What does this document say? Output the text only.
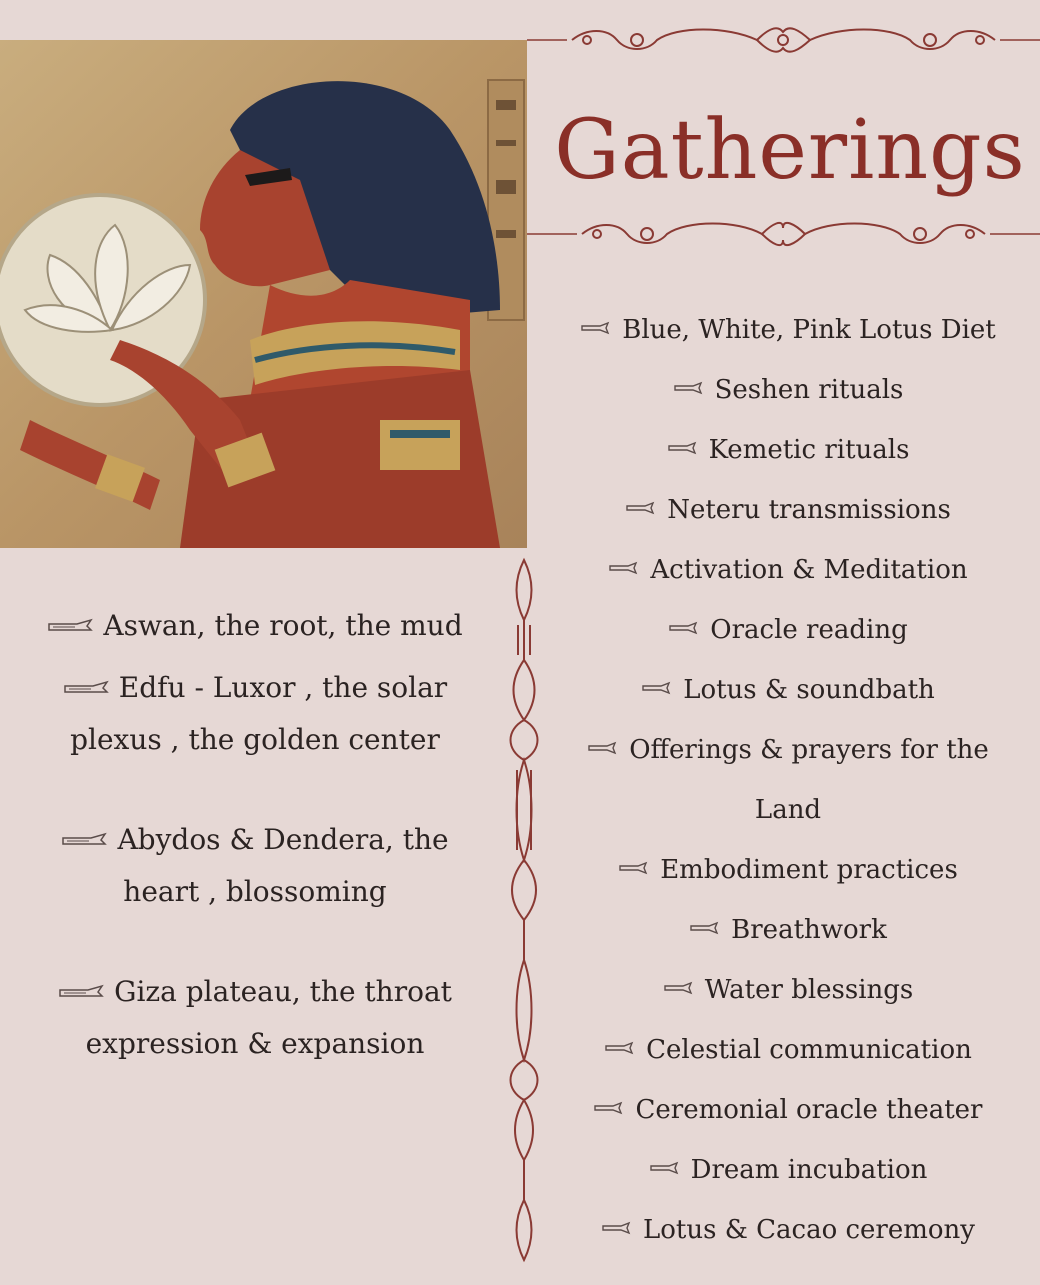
Gatherings
Aswan, the root, the mud
Edfu - Luxor , the solar
plexus , the golden center
Abydos & Dendera, the
heart , blossoming
Giza plateau, the throat
expression & expansion
Blue, White, Pink Lotus Diet
Seshen rituals
Kemetic rituals
Neteru transmissions
Activation & Meditation
Oracle reading
Lotus & soundbath
Offerings & prayers for the
Land
Embodiment practices
Breathwork
Water blessings
Celestial communication
Ceremonial oracle theater
Dream incubation
Lotus & Cacao ceremony
